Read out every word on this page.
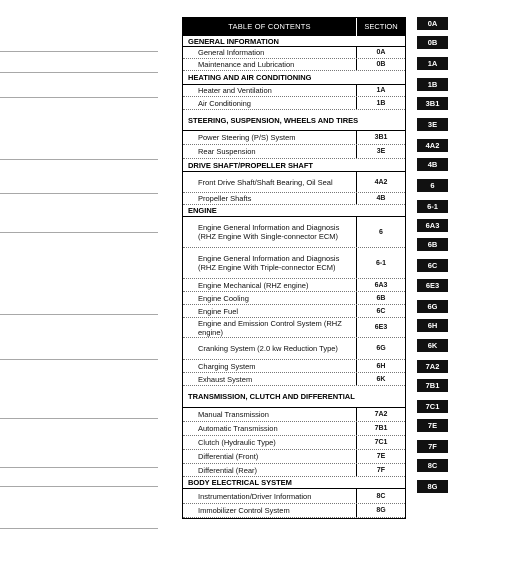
TABLE OF CONTENTS	SECTION
GENERAL INFORMATION
General Information	0A
Maintenance and Lubrication	0B
HEATING AND AIR CONDITIONING
Heater and Ventilation	1A
Air Conditioning	1B
STEERING, SUSPENSION, WHEELS AND TIRES
Power Steering (P/S) System	3B1
Rear Suspension	3E
DRIVE SHAFT/PROPELLER SHAFT
Front Drive Shaft/Shaft Bearing, Oil Seal	4A2
Propeller Shafts	4B
ENGINE
Engine General Information and Diagnosis (RHZ Engine With Single-connector ECM)	6
Engine General Information and Diagnosis (RHZ Engine With Triple-connector ECM)	6-1
Engine Mechanical (RHZ engine)	6A3
Engine Cooling	6B
Engine Fuel	6C
Engine and Emission Control System (RHZ engine)	6E3
Cranking System (2.0 kw Reduction Type)	6G
Charging System	6H
Exhaust System	6K
TRANSMISSION, CLUTCH AND DIFFERENTIAL
Manual Transmission	7A2
Automatic Transmission	7B1
Clutch (Hydraulic Type)	7C1
Differential (Front)	7E
Differential (Rear)	7F
BODY ELECTRICAL SYSTEM
Instrumentation/Driver Information	8C
Immobilizer Control System	8G
0A
0B
1A
1B
3B1
3E
4A2
4B
6
6-1
6A3
6B
6C
6E3
6G
6H
6K
7A2
7B1
7C1
7E
7F
8C
8G
